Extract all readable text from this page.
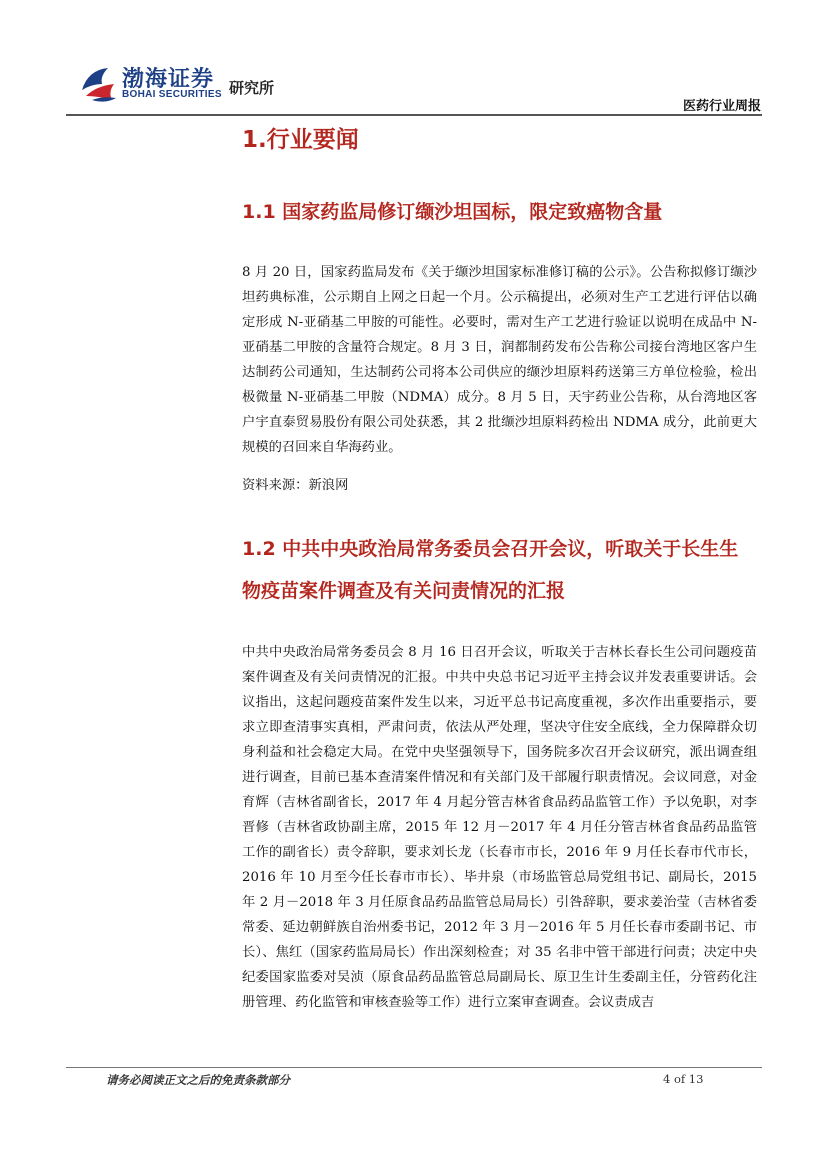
渤海证券
BOHAI SECURITIES 研究所
医药行业周报
1.行业要闻
1.1 国家药监局修订缬沙坦国标，限定致癌物含量

8 月 20 日，国家药监局发布《关于缬沙坦国家标准修订稿的公示》。公告称拟修订缬沙坦药典标准，公示期自上网之日起一个月。公示稿提出，必须对生产工艺进行评估以确定形成 N-亚硝基二甲胺的可能性。必要时，需对生产工艺进行验证以说明在成品中 N-亚硝基二甲胺的含量符合规定。8 月 3 日，润都制药发布公告称公司接台湾地区客户生达制药公司通知，生达制药公司将本公司供应的缬沙坦原料药送第三方单位检验，检出极微量 N-亚硝基二甲胺（NDMA）成分。8 月 5 日，天宇药业公告称，从台湾地区客户宇直泰贸易股份有限公司处获悉，其 2 批缬沙坦原料药检出 NDMA 成分，此前更大规模的召回来自华海药业。

资料来源：新浪网

1.2 中共中央政治局常务委员会召开会议，听取关于长生生物疫苗案件调查及有关问责情况的汇报

中共中央政治局常务委员会 8 月 16 日召开会议，听取关于吉林长春长生公司问题疫苗案件调查及有关问责情况的汇报。中共中央总书记习近平主持会议并发表重要讲话。会议指出，这起问题疫苗案件发生以来，习近平总书记高度重视，多次作出重要指示，要求立即查清事实真相，严肃问责，依法从严处理，坚决守住安全底线，全力保障群众切身利益和社会稳定大局。在党中央坚强领导下，国务院多次召开会议研究，派出调查组进行调查，目前已基本查清案件情况和有关部门及干部履行职责情况。会议同意，对金育辉（吉林省副省长，2017 年 4 月起分管吉林省食品药品监管工作）予以免职，对李晋修（吉林省政协副主席，2015 年 12 月－2017 年 4 月任分管吉林省食品药品监管工作的副省长）责令辞职，要求刘长龙（长春市市长，2016 年 9 月任长春市代市长，2016 年 10 月至今任长春市市长）、毕井泉（市场监管总局党组书记、副局长，2015 年 2 月－2018 年 3 月任原食品药品监管总局局长）引咎辞职，要求姜治莹（吉林省委常委、延边朝鲜族自治州委书记，2012 年 3 月－2016 年 5 月任长春市委副书记、市长）、焦红（国家药监局局长）作出深刻检查；对 35 名非中管干部进行问责；决定中央纪委国家监委对吴浈（原食品药品监管总局副局长、原卫生计生委副主任，分管药化注册管理、药化监管和审核查验等工作）进行立案审查调查。会议责成吉

请务必阅读正文之后的免责条款部分	4 of 13
